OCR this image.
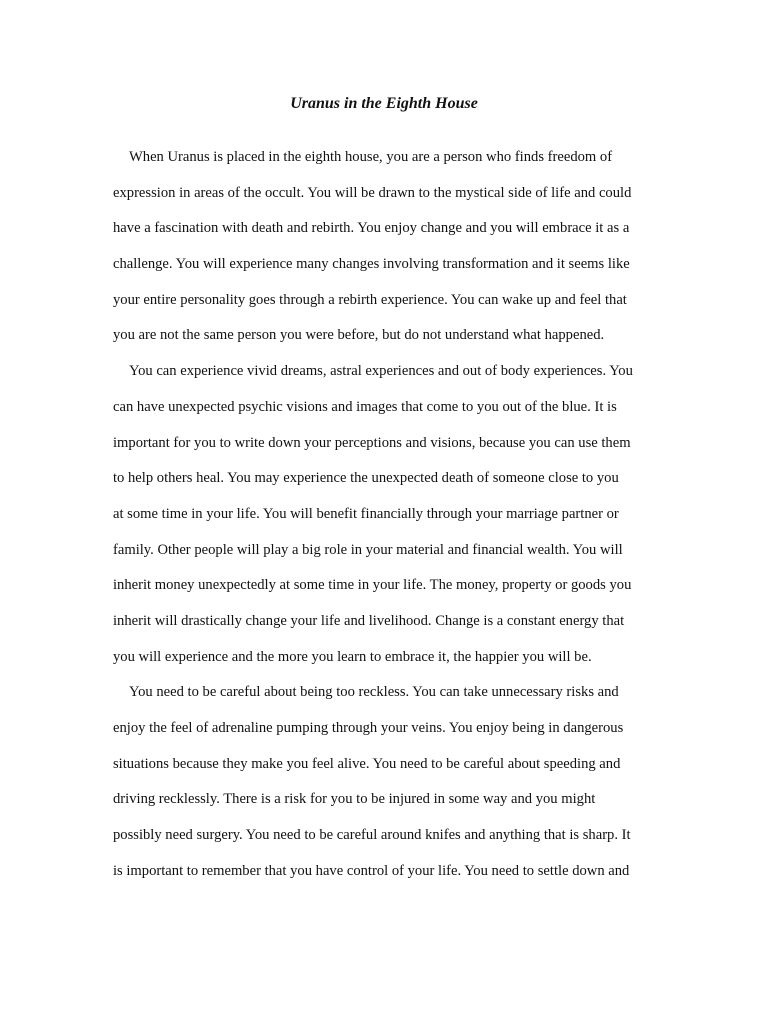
Uranus in the Eighth House
When Uranus is placed in the eighth house, you are a person who finds freedom of
expression in areas of the occult. You will be drawn to the mystical side of life and could
have a fascination with death and rebirth. You enjoy change and you will embrace it as a
challenge. You will experience many changes involving transformation and it seems like
your entire personality goes through a rebirth experience. You can wake up and feel that
you are not the same person you were before, but do not understand what happened.
You can experience vivid dreams, astral experiences and out of body experiences. You
can have unexpected psychic visions and images that come to you out of the blue. It is
important for you to write down your perceptions and visions, because you can use them
to help others heal. You may experience the unexpected death of someone close to you
at some time in your life. You will benefit financially through your marriage partner or
family. Other people will play a big role in your material and financial wealth. You will
inherit money unexpectedly at some time in your life. The money, property or goods you
inherit will drastically change your life and livelihood. Change is a constant energy that
you will experience and the more you learn to embrace it, the happier you will be.
You need to be careful about being too reckless. You can take unnecessary risks and
enjoy the feel of adrenaline pumping through your veins. You enjoy being in dangerous
situations because they make you feel alive. You need to be careful about speeding and
driving recklessly. There is a risk for you to be injured in some way and you might
possibly need surgery. You need to be careful around knifes and anything that is sharp. It
is important to remember that you have control of your life. You need to settle down and
